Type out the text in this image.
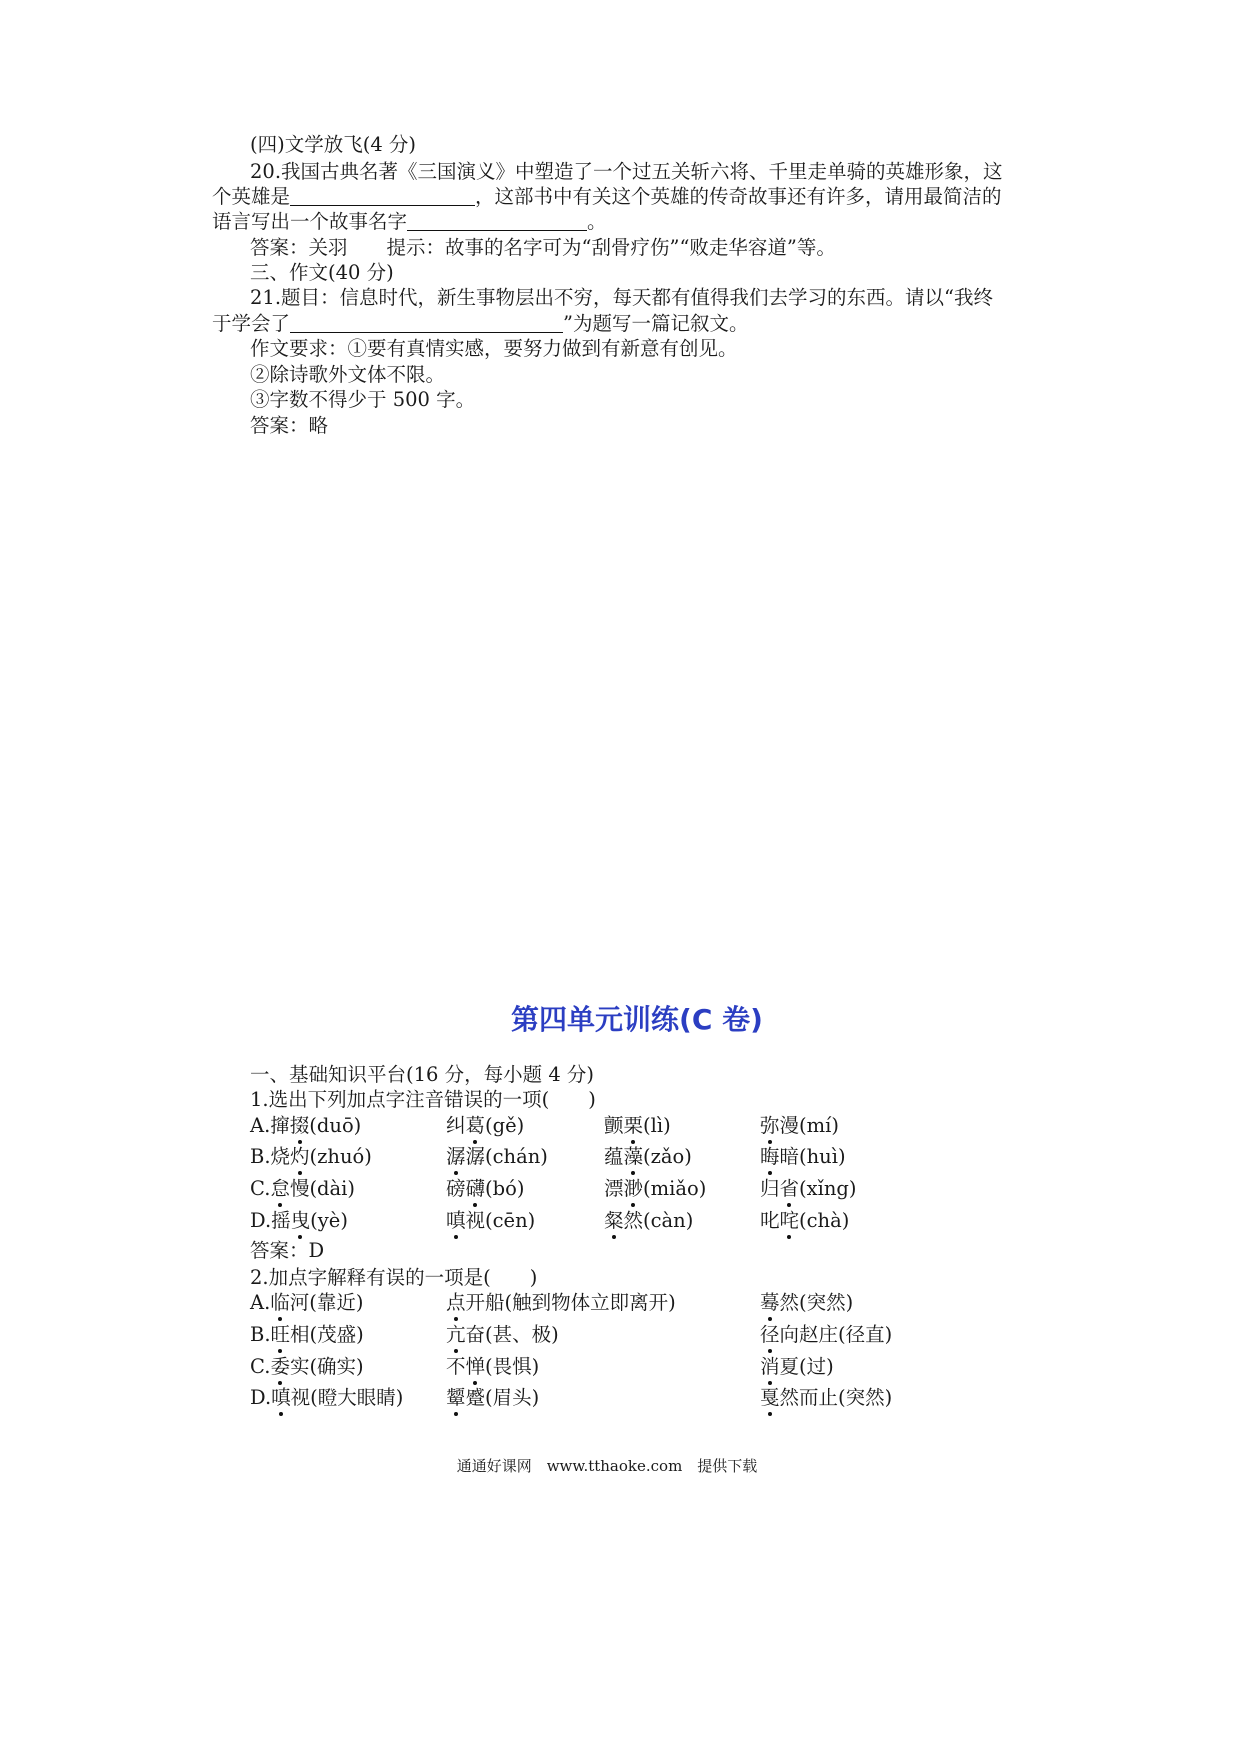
(四)文学放飞(4 分)
20.我国古典名著《三国演义》中塑造了一个过五关斩六将、千里走单骑的英雄形象，这
个英雄是	，这部书中有关这个英雄的传奇故事还有许多，请用最简洁的
语言写出一个故事名字	。
答案：关羽　　提示：故事的名字可为“刮骨疗伤”“败走华容道”等。
三、作文(40 分)
21.题目：信息时代，新生事物层出不穷，每天都有值得我们去学习的东西。请以“我终
于学会了	”为题写一篇记叙文。
作文要求：①要有真情实感，要努力做到有新意有创见。
②除诗歌外文体不限。
③字数不得少于 500 字。
答案：略
第四单元训练(C 卷)
一、基础知识平台(16 分，每小题 4 分)
1.选出下列加点字注音错误的一项(　　)
A.撺掇(duō)	纠葛(gě)	颤栗(lì)	弥漫(mí)
B.烧灼(zhuó)	潺潺(chán)	蕴藻(zǎo)	晦暗(huì)
C.怠慢(dài)	磅礴(bó)	漂渺(miǎo)	归省(xǐng)
D.摇曳(yè)	嗔视(cēn)	粲然(càn)	叱咤(chà)
答案：D
2.加点字解释有误的一项是(　　)
A.临河(靠近)	点开船(触到物体立即离开)	蓦然(突然)
B.旺相(茂盛)	亢奋(甚、极)	径向赵庄(径直)
C.委实(确实)	不惮(畏惧)	消夏(过)
D.嗔视(瞪大眼睛) 颦蹙(眉头)	戛然而止(突然)
通通好课网　www.tthaoke.com　提供下载
